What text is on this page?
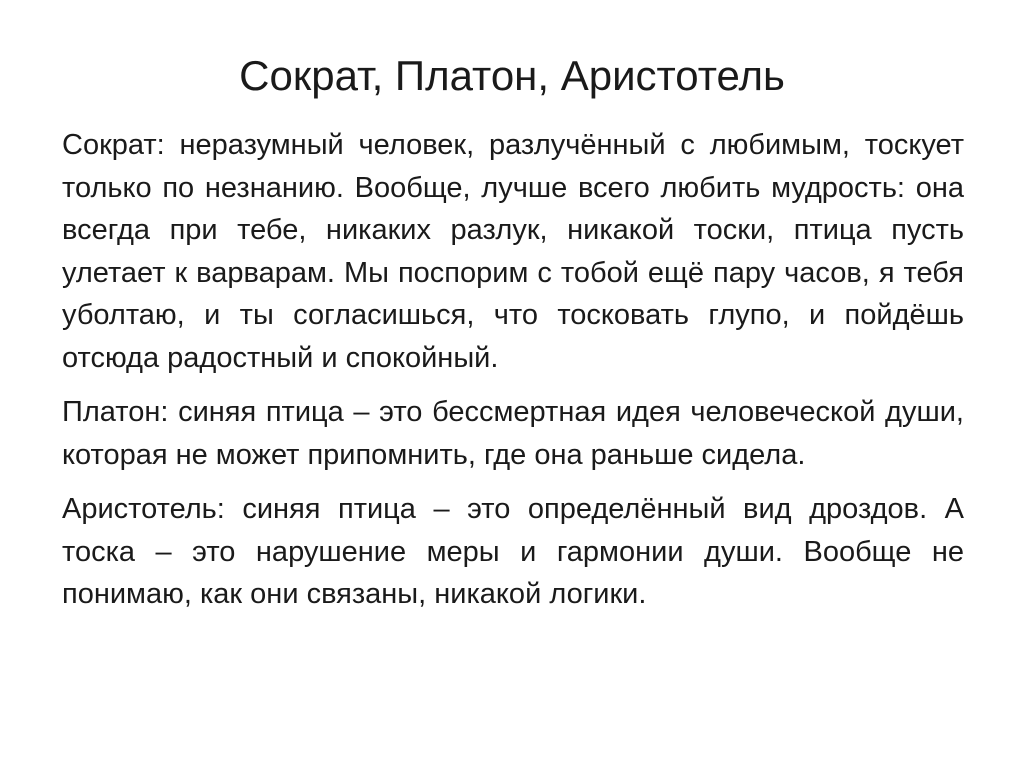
Сократ, Платон, Аристотель

Сократ: неразумный человек, разлучённый с любимым, тоскует только по незнанию. Вообще, лучше всего любить мудрость: она всегда при тебе, никаких разлук, никакой тоски, птица пусть улетает к варварам. Мы поспорим с тобой ещё пару часов, я тебя уболтаю, и ты согласишься, что тосковать глупо, и пойдёшь отсюда радостный и спокойный.

Платон: синяя птица – это бессмертная идея человеческой души, которая не может припомнить, где она раньше сидела.

Аристотель: синяя птица – это определённый вид дроздов. А тоска – это нарушение меры и гармонии души. Вообще не понимаю, как они связаны, никакой логики.
